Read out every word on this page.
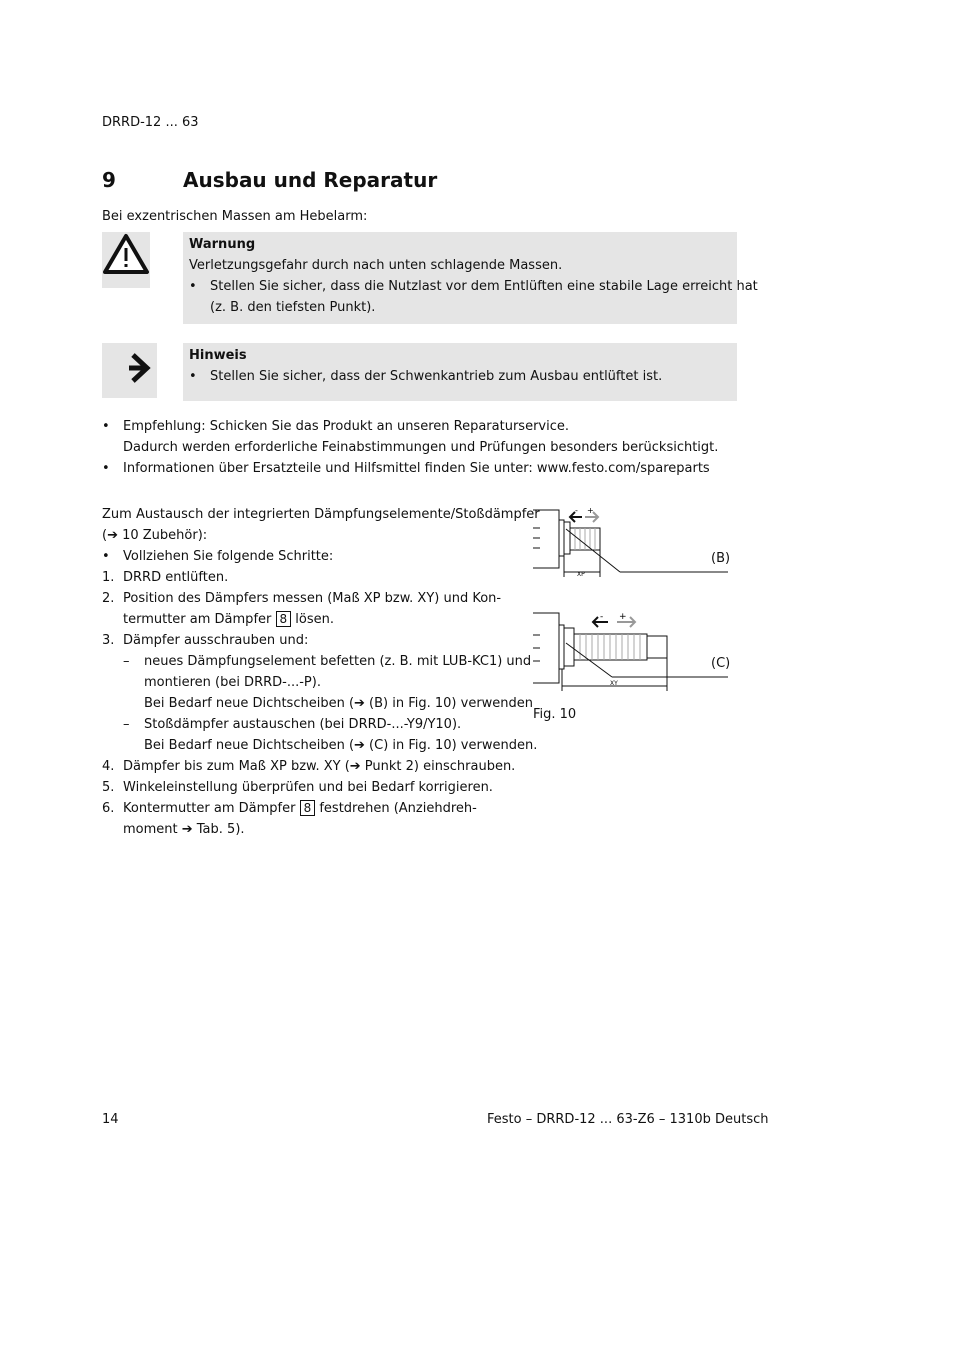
DRRD-12 ... 63
9	Ausbau und Reparatur
Bei exzentrischen Massen am Hebelarm:
Warnung
Verletzungsgefahr durch nach unten schlagende Massen.
• Stellen Sie sicher, dass die Nutzlast vor dem Entlüften eine stabile Lage erreicht hat
(z. B. den tiefsten Punkt).
Hinweis
• Stellen Sie sicher, dass der Schwenkantrieb zum Ausbau entlüftet ist.
• Empfehlung: Schicken Sie das Produkt an unseren Reparaturservice.
Dadurch werden erforderliche Feinabstimmungen und Prüfungen besonders berücksichtigt.
• Informationen über Ersatzteile und Hilfsmittel finden Sie unter: www.festo.com/spareparts
Zum Austausch der integrierten Dämpfungselemente/Stoßdämpfer
(➔ 10 Zubehör):
• Vollziehen Sie folgende Schritte:
1. DRRD entlüften.
2. Position des Dämpfers messen (Maß XP bzw. XY) und Kon-
termutter am Dämpfer 8 lösen.
3. Dämpfer ausschrauben und:
– neues Dämpfungselement befetten (z. B. mit LUB-KC1) und
montieren (bei DRRD-...-P).
Bei Bedarf neue Dichtscheiben (➔ (B) in Fig. 10) verwenden
– Stoßdämpfer austauschen (bei DRRD-...-Y9/Y10).
Bei Bedarf neue Dichtscheiben (➔ (C) in Fig. 10) verwenden.
4. Dämpfer bis zum Maß XP bzw. XY (➔ Punkt 2) einschrauben.
5. Winkeleinstellung überprüfen und bei Bedarf korrigieren.
6. Kontermutter am Dämpfer 8 festdrehen (Anziehdreh-
moment ➔ Tab. 5).
XP
- +
XY
- +
(B)
(C)
Fig. 10
14	Festo – DRRD-12 ... 63-Z6 – 1310b Deutsch
